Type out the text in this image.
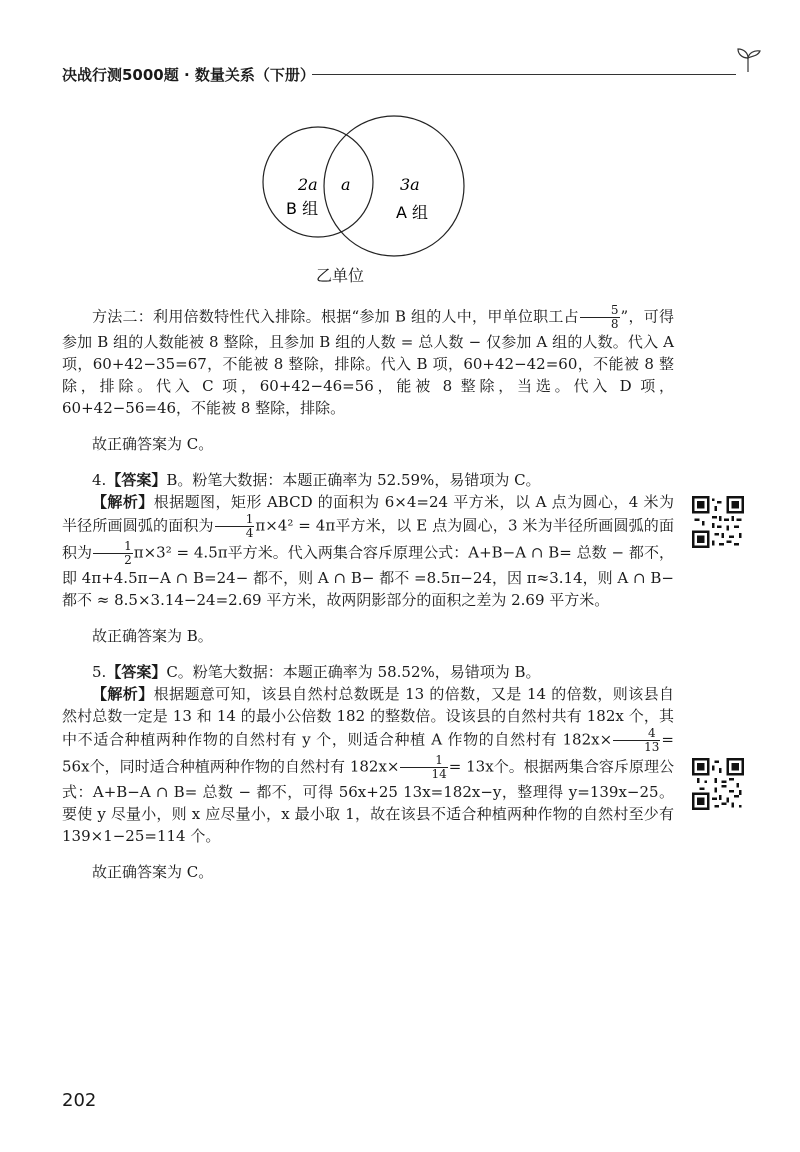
决战行测5000题 · 数量关系（下册）
2a
B 组
a	3a
A 组
乙单位

方法二：利用倍数特性代入排除。根据“参加 B 组的人中，甲单位职工占 $\frac{5}{8}$ ”，可得参加 B 组的人数能被 8 整除，且参加 B 组的人数 = 总人数 − 仅参加 A 组的人数。代入 A 项，60+42−35=67，不能被 8 整除，排除。代入 B 项，60+42−42=60，不能被 8 整除，排除。代入 C 项，60+42−46=56，能被 8 整除，当选。代入 D 项，60+42−56=46，不能被 8 整除，排除。

故正确答案为 C。

4.【答案】B。粉笔大数据：本题正确率为 52.59%，易错项为 C。

【解析】根据题图，矩形 ABCD 的面积为 6×4=24 平方米，以 A 点为圆心，4 米为半径所画圆弧的面积为 $\frac{1}{4} \pi\times 4^2 = 4\pi$平方米，以 E 点为圆心，3 米为半径所画圆弧的面积为 $\frac{1}{2} \pi\times 3^2 = 4.5\pi$平方米。代入两集合容斥原理公式：A+B−A ∩ B= 总数 − 都不，即 4π+4.5π−A ∩ B=24− 都不，则 A ∩ B− 都不 =8.5π−24，因 π≈3.14，则 A ∩ B− 都不 ≈ 8.5×3.14−24=2.69 平方米，故两阴影部分的面积之差为 2.69 平方米。

故正确答案为 B。

5.【答案】C。粉笔大数据：本题正确率为 58.52%，易错项为 B。

【解析】根据题意可知，该县自然村总数既是 13 的倍数，又是 14 的倍数，则该县自然村总数一定是 13 和 14 的最小公倍数 182 的整数倍。设该县的自然村共有 182x 个，其中不适合种植两种作物的自然村有 y 个，则适合种植 A 作物的自然村有 $182x\times \frac{4}{13} = 56x$个，同时适合种植两种作物的自然村有 $182x\times \frac{1}{14} = 13x$个。根据两集合容斥原理公式：A+B−A ∩ B= 总数 − 都不，可得 56x+25 13x=182x−y，整理得 y=139x−25。要使 y 尽量小，则 x 应尽量小，x 最小取 1，故在该县不适合种植两种作物的自然村至少有 139×1−25=114 个。

故正确答案为 C。

202
